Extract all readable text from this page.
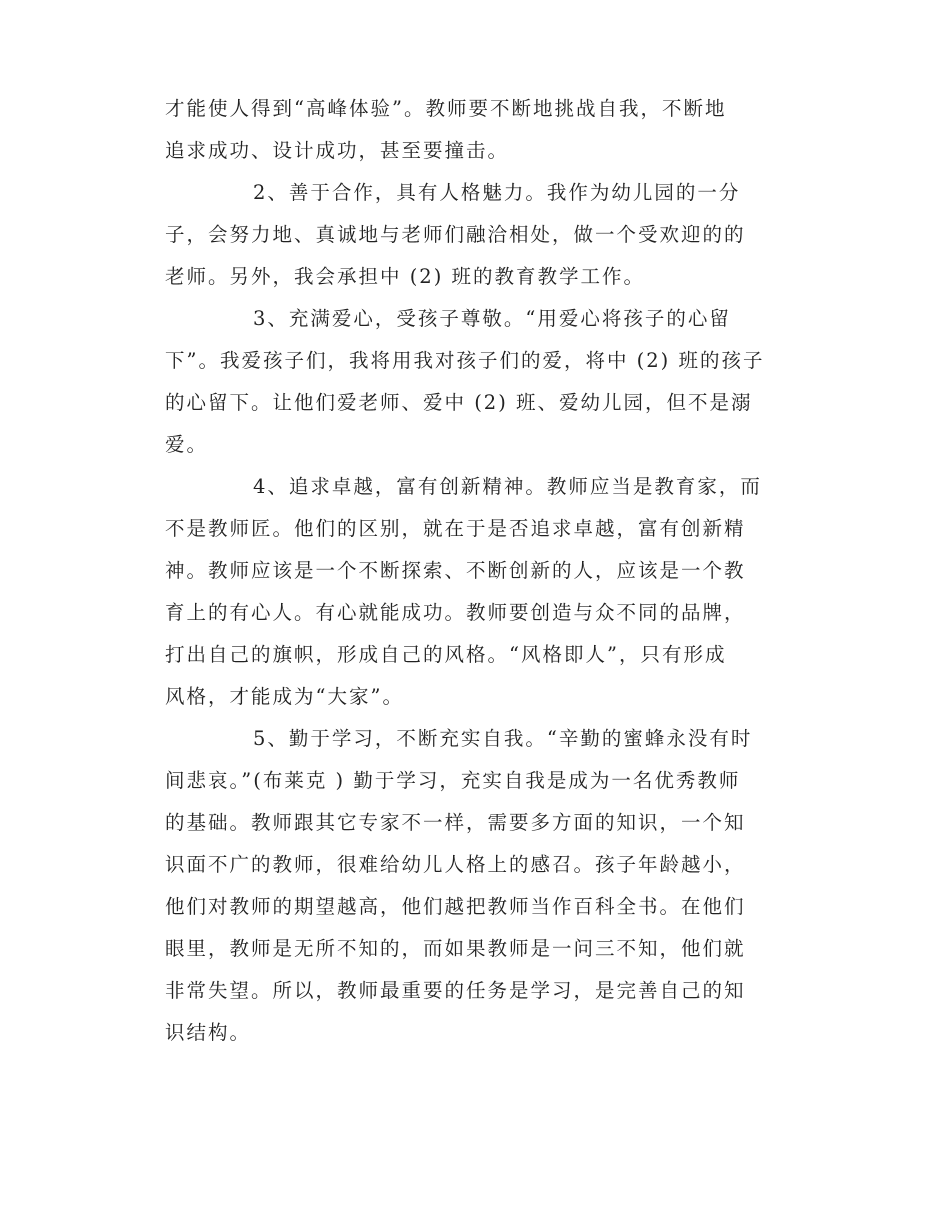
才能使人得到“高峰体验”。教师要不断地挑战自我，不断地
追求成功、设计成功，甚至要撞击。
2、善于合作，具有人格魅力。我作为幼儿园的一分
子，会努力地、真诚地与老师们融洽相处，做一个受欢迎的的
老师。另外，我会承担中 (2) 班的教育教学工作。
3、充满爱心，受孩子尊敬。“用爱心将孩子的心留
下”。我爱孩子们，我将用我对孩子们的爱，将中 (2) 班的孩子
的心留下。让他们爱老师、爱中 (2) 班、爱幼儿园，但不是溺
爱。
4、追求卓越，富有创新精神。教师应当是教育家，而
不是教师匠。他们的区别，就在于是否追求卓越，富有创新精
神。教师应该是一个不断探索、不断创新的人，应该是一个教
育上的有心人。有心就能成功。教师要创造与众不同的品牌，
打出自己的旗帜，形成自己的风格。“风格即人”，只有形成
风格，才能成为“大家”。
5、勤于学习，不断充实自我。“辛勤的蜜蜂永没有时
间悲哀。”(布莱克 ) 勤于学习，充实自我是成为一名优秀教师
的基础。教师跟其它专家不一样，需要多方面的知识，一个知
识面不广的教师，很难给幼儿人格上的感召。孩子年龄越小，
他们对教师的期望越高，他们越把教师当作百科全书。在他们
眼里，教师是无所不知的，而如果教师是一问三不知，他们就
非常失望。所以，教师最重要的任务是学习，是完善自己的知
识结构。
